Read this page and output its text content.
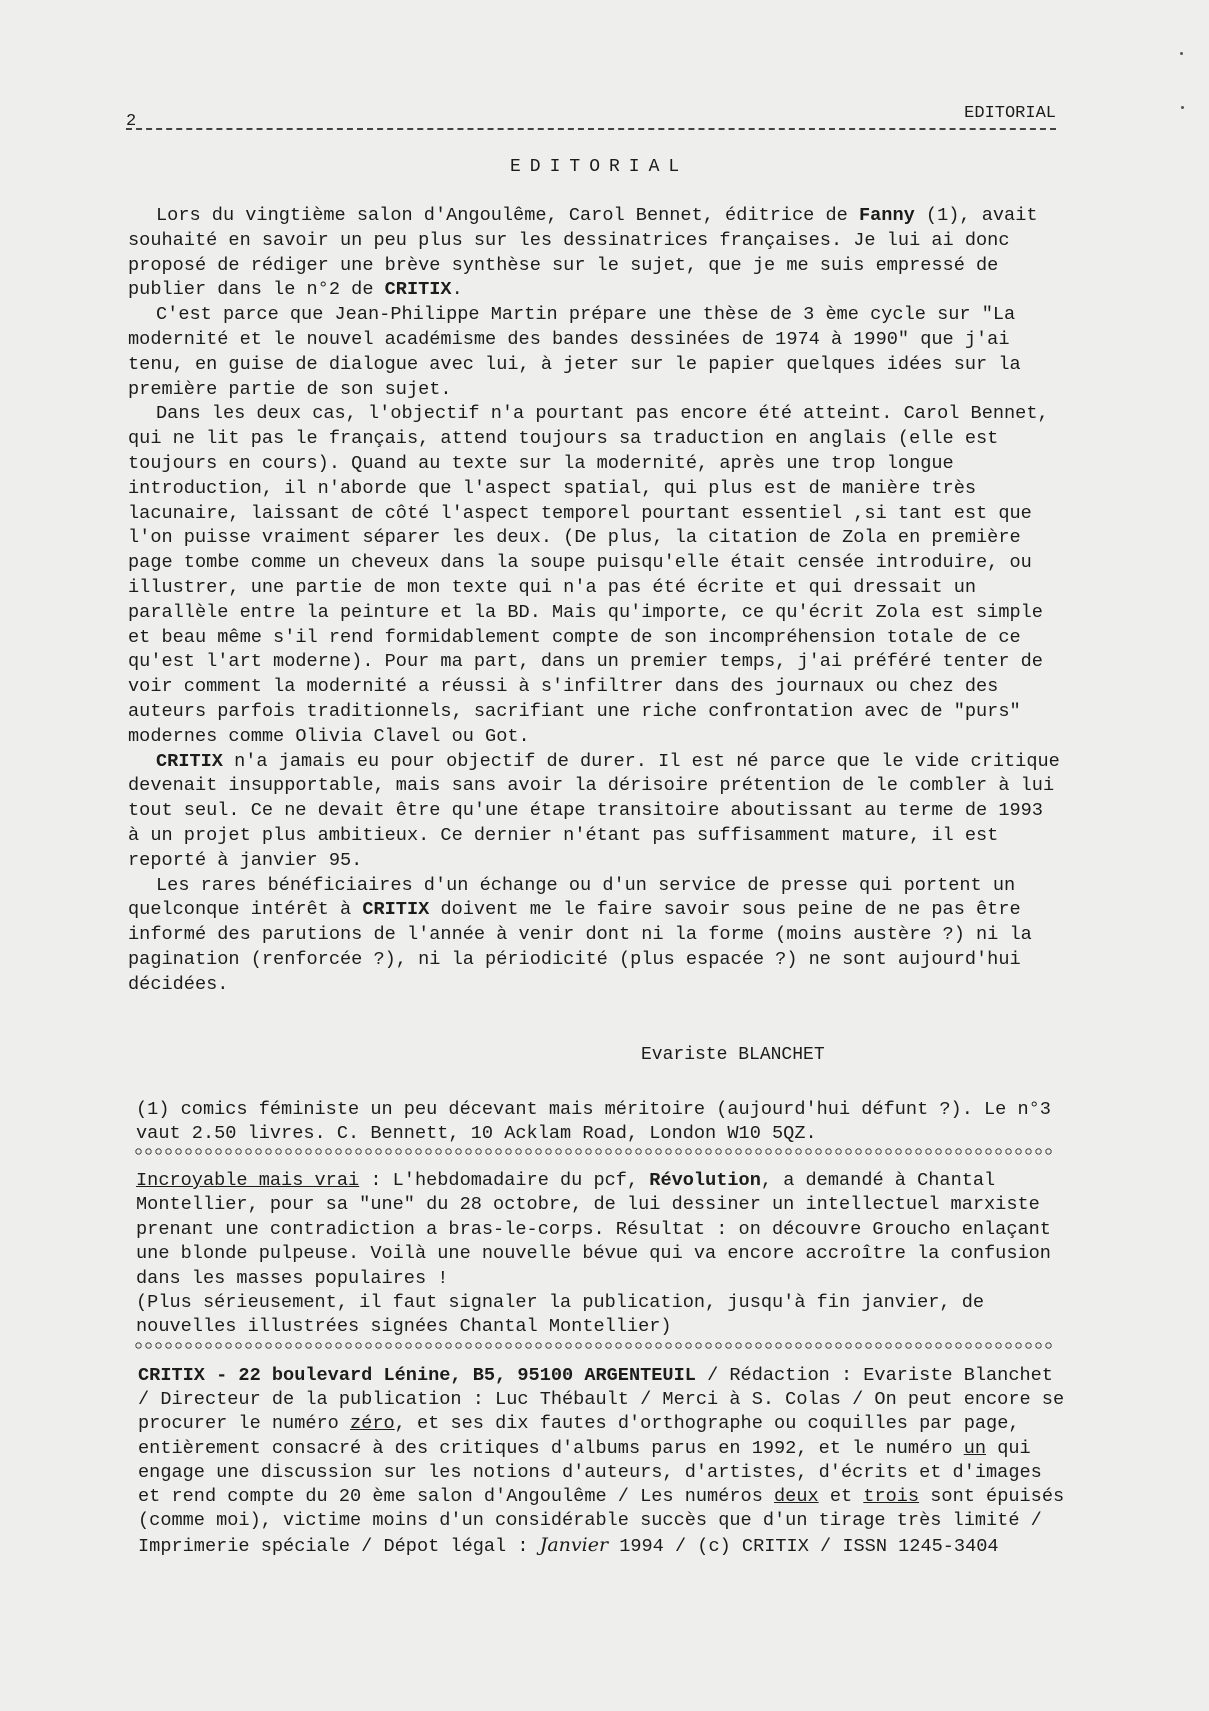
2	EDITORIAL
EDITORIAL

Lors du vingtième salon d'Angoulême, Carol Bennet, éditrice de Fanny (1), avait souhaité en savoir un peu plus sur les dessinatrices françaises. Je lui ai donc proposé de rédiger une brève synthèse sur le sujet, que je me suis empressé de publier dans le n°2 de CRITIX.

C'est parce que Jean-Philippe Martin prépare une thèse de 3 ème cycle sur "La modernité et le nouvel académisme des bandes dessinées de 1974 à 1990" que j'ai tenu, en guise de dialogue avec lui, à jeter sur le papier quelques idées sur la première partie de son sujet.

Dans les deux cas, l'objectif n'a pourtant pas encore été atteint. Carol Bennet, qui ne lit pas le français, attend toujours sa traduction en anglais (elle est toujours en cours). Quand au texte sur la modernité, après une trop longue introduction, il n'aborde que l'aspect spatial, qui plus est de manière très lacunaire, laissant de côté l'aspect temporel pourtant essentiel ,si tant est que l'on puisse vraiment séparer les deux. (De plus, la citation de Zola en première page tombe comme un cheveux dans la soupe puisqu'elle était censée introduire, ou illustrer, une partie de mon texte qui n'a pas été écrite et qui dressait un parallèle entre la peinture et la BD. Mais qu'importe, ce qu'écrit Zola est simple et beau même s'il rend formidablement compte de son incompréhension totale de ce qu'est l'art moderne). Pour ma part, dans un premier temps, j'ai préféré tenter de voir comment la modernité a réussi à s'infiltrer dans des journaux ou chez des auteurs parfois traditionnels, sacrifiant une riche confrontation avec de "purs" modernes comme Olivia Clavel ou Got.

CRITIX n'a jamais eu pour objectif de durer. Il est né parce que le vide critique devenait insupportable, mais sans avoir la dérisoire prétention de le combler à lui tout seul. Ce ne devait être qu'une étape transitoire aboutissant au terme de 1993 à un projet plus ambitieux. Ce dernier n'étant pas suffisamment mature, il est reporté à janvier 95.

Les rares bénéficiaires d'un échange ou d'un service de presse qui portent un quelconque intérêt à CRITIX doivent me le faire savoir sous peine de ne pas être informé des parutions de l'année à venir dont ni la forme (moins austère ?) ni la pagination (renforcée ?), ni la périodicité (plus espacée ?) ne sont aujourd'hui décidées.

Evariste BLANCHET
(1) comics féministe un peu décevant mais méritoire (aujourd'hui défunt ?). Le n°3 vaut 2.50 livres. C. Bennett, 10 Acklam Road, London W10 5QZ.
Incroyable mais vrai : L'hebdomadaire du pcf, Révolution, a demandé à Chantal Montellier, pour sa "une" du 28 octobre, de lui dessiner un intellectuel marxiste prenant une contradiction a bras-le-corps. Résultat : on découvre Groucho enlaçant une blonde pulpeuse. Voilà une nouvelle bévue qui va encore accroître la confusion dans les masses populaires !
(Plus sérieusement, il faut signaler la publication, jusqu'à fin janvier, de nouvelles illustrées signées Chantal Montellier)
CRITIX - 22 boulevard Lénine, B5, 95100 ARGENTEUIL / Rédaction : Evariste Blanchet / Directeur de la publication : Luc Thébault / Merci à S. Colas / On peut encore se procurer le numéro zéro, et ses dix fautes d'orthographe ou coquilles par page, entièrement consacré à des critiques d'albums parus en 1992, et le numéro un qui engage une discussion sur les notions d'auteurs, d'artistes, d'écrits et d'images et rend compte du 20 ème salon d'Angoulême / Les numéros deux et trois sont épuisés (comme moi), victime moins d'un considérable succès que d'un tirage très limité / Imprimerie spéciale / Dépot légal : Janvier 1994 / (c) CRITIX / ISSN 1245-3404
